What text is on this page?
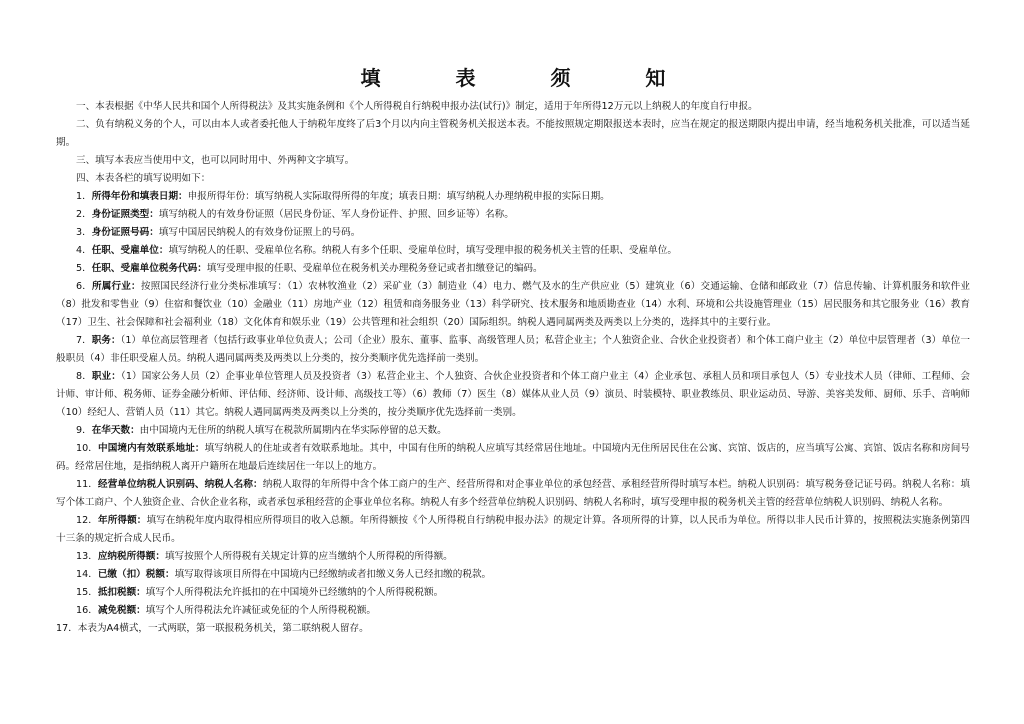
填 表 须 知

一、本表根据《中华人民共和国个人所得税法》及其实施条例和《个人所得税自行纳税申报办法(试行)》制定，适用于年所得12万元以上纳税人的年度自行申报。

二、负有纳税义务的个人，可以由本人或者委托他人于纳税年度终了后3个月以内向主管税务机关报送本表。不能按照规定期限报送本表时，应当在规定的报送期限内提出申请，经当地税务机关批准，可以适当延期。

三、填写本表应当使用中文，也可以同时用中、外两种文字填写。

四、本表各栏的填写说明如下：

1．所得年份和填表日期：申报所得年份：填写纳税人实际取得所得的年度；填表日期：填写纳税人办理纳税申报的实际日期。

2．身份证照类型：填写纳税人的有效身份证照（居民身份证、军人身份证件、护照、回乡证等）名称。

3．身份证照号码：填写中国居民纳税人的有效身份证照上的号码。

4．任职、受雇单位：填写纳税人的任职、受雇单位名称。纳税人有多个任职、受雇单位时，填写受理申报的税务机关主管的任职、受雇单位。

5．任职、受雇单位税务代码：填写受理申报的任职、受雇单位在税务机关办理税务登记或者扣缴登记的编码。

6．所属行业：按照国民经济行业分类标准填写：（1）农林牧渔业（2）采矿业（3）制造业（4）电力、燃气及水的生产供应业（5）建筑业（6）交通运输、仓储和邮政业（7）信息传输、计算机服务和软件业（8）批发和零售业（9）住宿和餐饮业（10）金融业（11）房地产业（12）租赁和商务服务业（13）科学研究、技术服务和地质勘查业（14）水利、环境和公共设施管理业（15）居民服务和其它服务业（16）教育（17）卫生、社会保障和社会福利业（18）文化体育和娱乐业（19）公共管理和社会组织（20）国际组织。纳税人遇同属两类及两类以上分类的，选择其中的主要行业。

7．职务：（1）单位高层管理者（包括行政事业单位负责人；公司（企业）股东、董事、监事、高级管理人员；私营企业主；个人独资企业、合伙企业投资者）和个体工商户业主（2）单位中层管理者（3）单位一般职员（4）非任职受雇人员。纳税人遇同属两类及两类以上分类的，按分类顺序优先选择前一类别。

8．职业：（1）国家公务人员（2）企事业单位管理人员及投资者（3）私营企业主、个人独资、合伙企业投资者和个体工商户业主（4）企业承包、承租人员和项目承包人（5）专业技术人员（律师、工程师、会计师、审计师、税务师、证券金融分析师、评估师、经济师、设计师、高级技工等）（6）教师（7）医生（8）媒体从业人员（9）演员、时装模特、职业教练员、职业运动员、导游、美容美发师、厨师、乐手、音响师（10）经纪人、营销人员（11）其它。纳税人遇同属两类及两类以上分类的，按分类顺序优先选择前一类别。

9．在华天数：由中国境内无住所的纳税人填写在税款所属期内在华实际停留的总天数。

10．中国境内有效联系地址：填写纳税人的住址或者有效联系地址。其中，中国有住所的纳税人应填写其经常居住地址。中国境内无住所居民住在公寓、宾馆、饭店的，应当填写公寓、宾馆、饭店名称和房间号码。经常居住地，是指纳税人离开户籍所在地最后连续居住一年以上的地方。

11．经营单位纳税人识别码、纳税人名称：纳税人取得的年所得中含个体工商户的生产、经营所得和对企事业单位的承包经营、承租经营所得时填写本栏。纳税人识别码：填写税务登记证号码。纳税人名称：填写个体工商户、个人独资企业、合伙企业名称，或者承包承租经营的企事业单位名称。纳税人有多个经营单位纳税人识别码、纳税人名称时，填写受理申报的税务机关主管的经营单位纳税人识别码、纳税人名称。

12．年所得额：填写在纳税年度内取得相应所得项目的收入总额。年所得额按《个人所得税自行纳税申报办法》的规定计算。各项所得的计算，以人民币为单位。所得以非人民币计算的，按照税法实施条例第四十三条的规定折合成人民币。

13．应纳税所得额：填写按照个人所得税有关规定计算的应当缴纳个人所得税的所得额。

14．已缴（扣）税额：填写取得该项目所得在中国境内已经缴纳或者扣缴义务人已经扣缴的税款。

15．抵扣税额：填写个人所得税法允许抵扣的在中国境外已经缴纳的个人所得税税额。

16．减免税额：填写个人所得税法允许减征或免征的个人所得税税额。

17．本表为A4横式，一式两联，第一联报税务机关，第二联纳税人留存。
